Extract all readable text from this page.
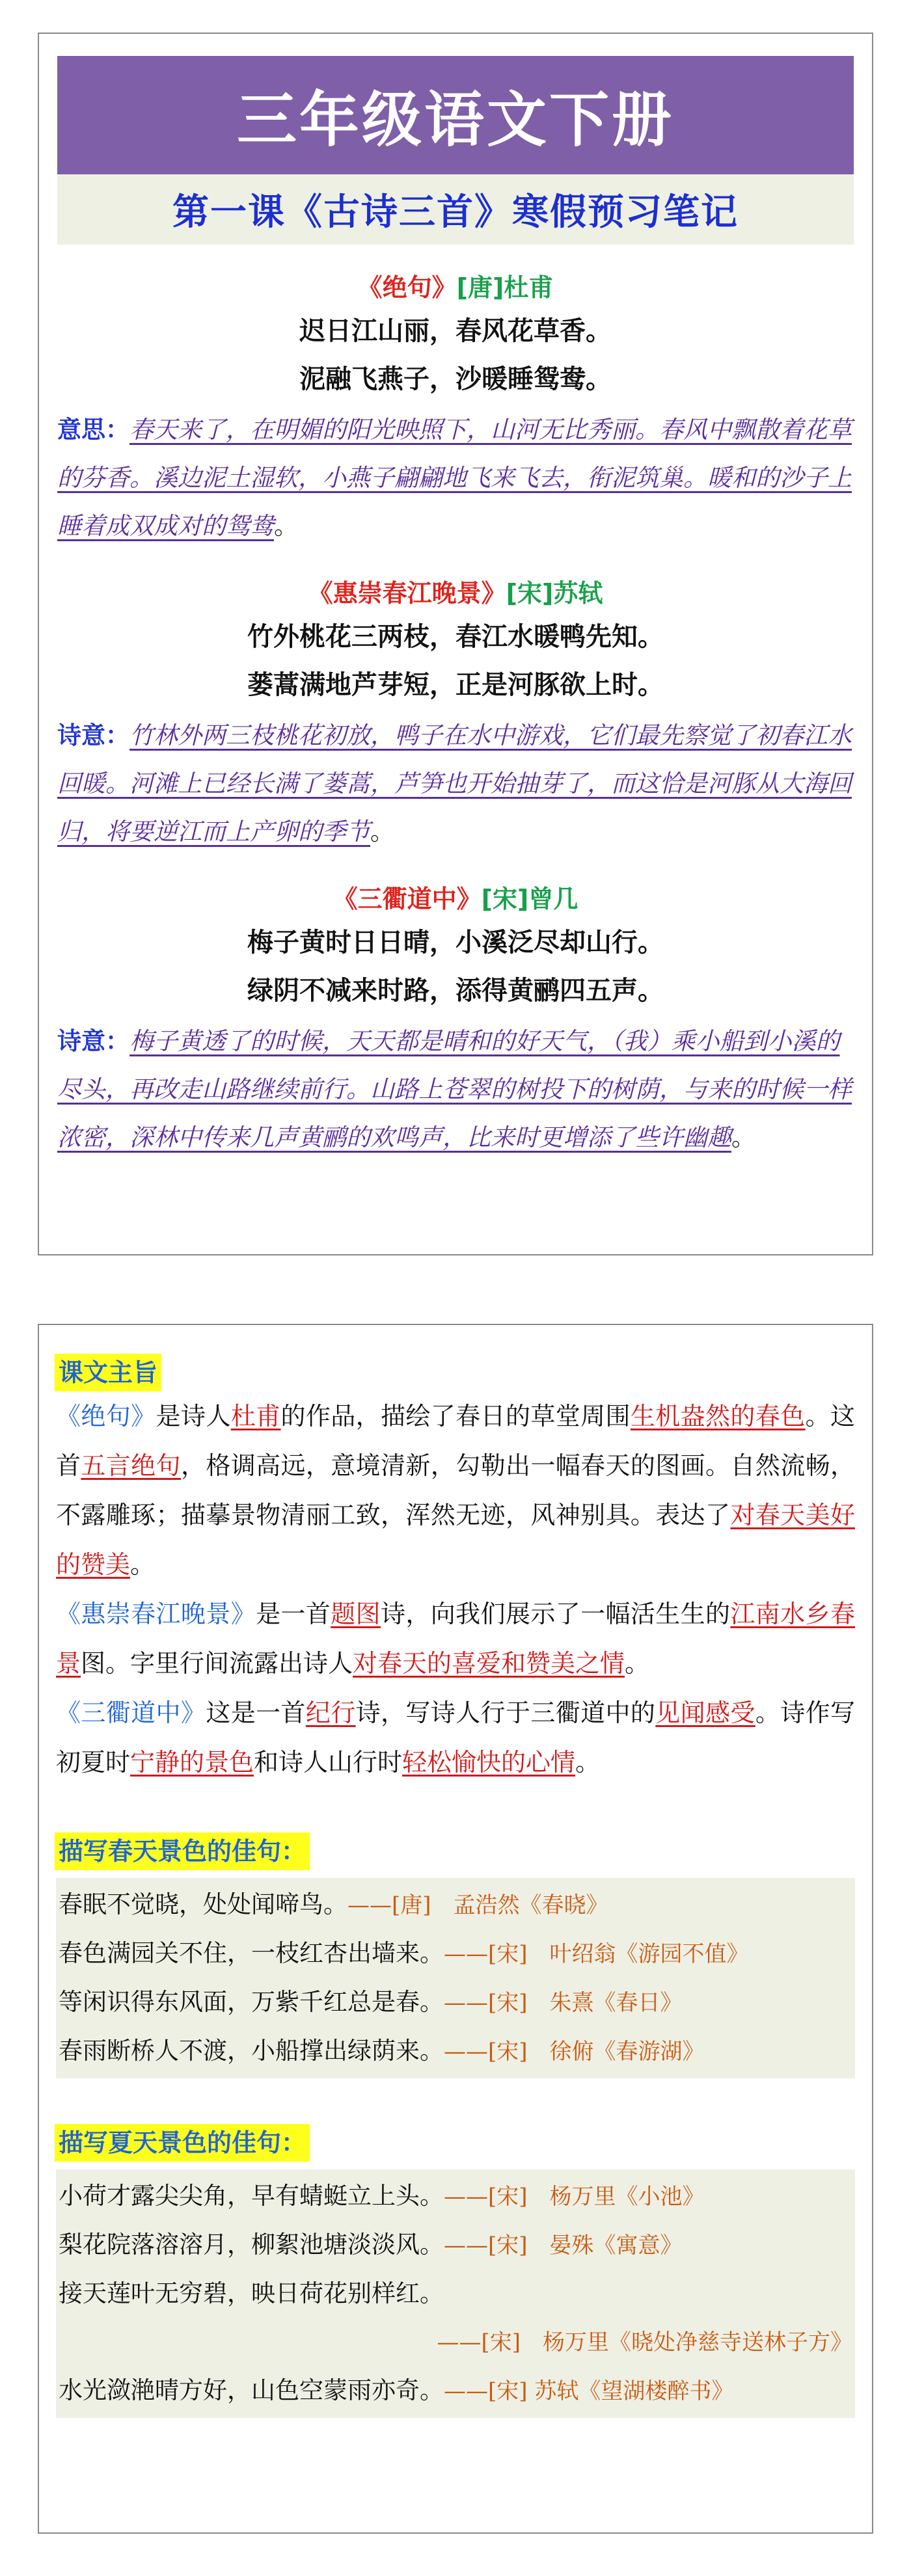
三年级语文下册
第一课《古诗三首》寒假预习笔记
《绝句》[唐]杜甫
迟日江山丽，春风花草香。
泥融飞燕子，沙暖睡鸳鸯。
意思：春天来了，在明媚的阳光映照下，山河无比秀丽。春风中飘散着花草的芬香。溪边泥土湿软，小燕子翩翩地飞来飞去，衔泥筑巢。暖和的沙子上睡着成双成对的鸳鸯。
《惠崇春江晚景》[宋]苏轼
竹外桃花三两枝，春江水暖鸭先知。
蒌蒿满地芦芽短，正是河豚欲上时。
诗意：竹林外两三枝桃花初放，鸭子在水中游戏，它们最先察觉了初春江水回暖。河滩上已经长满了蒌蒿，芦笋也开始抽芽了，而这恰是河豚从大海回归，将要逆江而上产卵的季节。
《三衢道中》[宋]曾几
梅子黄时日日晴，小溪泛尽却山行。
绿阴不减来时路，添得黄鹂四五声。
诗意：梅子黄透了的时候，天天都是晴和的好天气，（我）乘小船到小溪的尽头，再改走山路继续前行。山路上苍翠的树投下的树荫，与来的时候一样浓密，深林中传来几声黄鹂的欢鸣声，比来时更增添了些许幽趣。
课文主旨
《绝句》是诗人杜甫的作品，描绘了春日的草堂周围生机盎然的春色。这首五言绝句，格调高远，意境清新，勾勒出一幅春天的图画。自然流畅，不露雕琢；描摹景物清丽工致，浑然无迹，风神别具。表达了对春天美好的赞美。
《惠崇春江晚景》是一首题图诗，向我们展示了一幅活生生的江南水乡春景图。字里行间流露出诗人对春天的喜爱和赞美之情。
《三衢道中》这是一首纪行诗，写诗人行于三衢道中的见闻感受。诗作写初夏时宁静的景色和诗人山行时轻松愉快的心情。
描写春天景色的佳句：
春眠不觉晓，处处闻啼鸟。——[唐]　孟浩然《春晓》
春色满园关不住，一枝红杏出墙来。——[宋]　叶绍翁《游园不值》
等闲识得东风面，万紫千红总是春。——[宋]　朱熹《春日》
春雨断桥人不渡，小船撑出绿荫来。——[宋]　徐俯《春游湖》
描写夏天景色的佳句：
小荷才露尖尖角，早有蜻蜓立上头。——[宋]　杨万里《小池》
梨花院落溶溶月，柳絮池塘淡淡风。——[宋]　晏殊《寓意》
接天莲叶无穷碧，映日荷花别样红。
——[宋]　杨万里《晓处净慈寺送林子方》
水光潋滟晴方好，山色空蒙雨亦奇。——[宋] 苏轼《望湖楼醉书》
